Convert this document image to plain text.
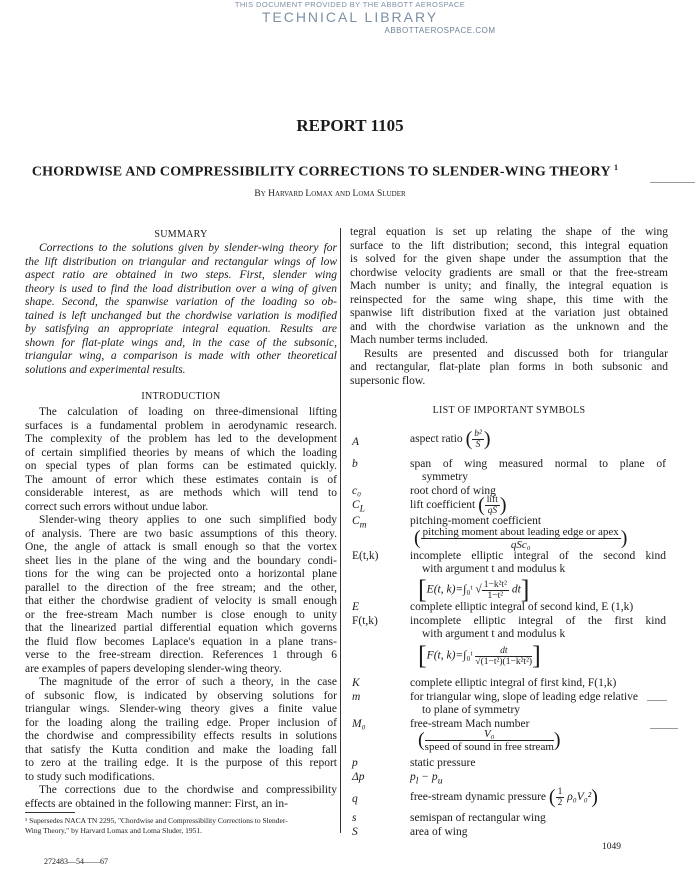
THIS DOCUMENT PROVIDED BY THE ABBOTT AEROSPACE
TECHNICAL LIBRARY
ABBOTTAEROSPACE.COM
REPORT 1105
CHORDWISE AND COMPRESSIBILITY CORRECTIONS TO SLENDER-WING THEORY $^1$
By Harvard Lomax and Loma Sluder
SUMMARY
Corrections to the solutions given by slender-wing theory for
the lift distribution on triangular and rectangular wings of low
aspect ratio are obtained in two steps. First, slender wing
theory is used to find the load distribution over a wing of given
shape. Second, the spanwise variation of the loading so ob-
tained is left unchanged but the chordwise variation is modified
by satisfying an appropriate integral equation. Results are
shown for flat-plate wings and, in the case of the subsonic,
triangular wing, a comparison is made with other theoretical
solutions and experimental results.
INTRODUCTION
The calculation of loading on three-dimensional lifting
surfaces is a fundamental problem in aerodynamic research.
The complexity of the problem has led to the development
of certain simplified theories by means of which the loading
on special types of plan forms can be estimated quickly.
The amount of error which these estimates contain is of
considerable interest, as are methods which will tend to
correct such errors without undue labor.
Slender-wing theory applies to one such simplified body
of analysis. There are two basic assumptions of this theory.
One, the angle of attack is small enough so that the vortex
sheet lies in the plane of the wing and the boundary condi-
tions for the wing can be projected onto a horizontal plane
parallel to the direction of the free stream; and the other,
that either the chordwise gradient of velocity is small enough
or the free-stream Mach number is close enough to unity
that the linearized partial differential equation which governs
the fluid flow becomes Laplace's equation in a plane trans-
verse to the free-stream direction. References 1 through 6
are examples of papers developing slender-wing theory.
The magnitude of the error of such a theory, in the case
of subsonic flow, is indicated by observing solutions for
triangular wings. Slender-wing theory gives a finite value
for the loading along the trailing edge. Proper inclusion of
the chordwise and compressibility effects results in solutions
that satisfy the Kutta condition and make the loading fall
to zero at the trailing edge. It is the purpose of this report
to study such modifications.
The corrections due to the chordwise and compressibility
effects are obtained in the following manner: First, an in-
¹ Supersedes NACA TN 2295, "Chordwise and Compressibility Corrections to Slender-
Wing Theory," by Harvard Lomax and Loma Sluder, 1951.
272483—54——67
tegral equation is set up relating the shape of the wing
surface to the lift distribution; second, this integral equation
is solved for the given shape under the assumption that the
chordwise velocity gradients are small or that the free-stream
Mach number is unity; and finally, the integral equation is
reinspected for the same wing shape, this time with the
spanwise lift distribution fixed at the variation just obtained
and with the chordwise variation as the unknown and the
Mach number terms included.
Results are presented and discussed both for triangular
and rectangular, flat-plate plan forms in both subsonic and
supersonic flow.
LIST OF IMPORTANT SYMBOLS
A	aspect ratio ( $\frac{\text{b²}}{S}$ )
b	span of wing measured normal to plane of
symmetry
c₀	root chord of wing
$C_L$	lift coefficient ( $\frac{\text{lift}}{qS}$ )
$C_m$	pitching-moment coefficient
( $\frac{\text{pitching moment about leading edge or apex}}{\text{qSc₀}}$ )
E(t,k)	incomplete elliptic integral of the second kind
with argument t and modulus k
[E(t, k)=∫₀ᵗ √ $\frac{\text{1−k²t²}}{\text{1−t²}} dt$]
E	complete elliptic integral of second kind, E (1,k)
F(t,k)	incomplete elliptic integral of the first kind
with argument t and modulus k
[F(t, k)=∫₀ᵗ $\frac{dt}{\text{√(1−t²)(1−k²t²)}}$ ]
K	complete elliptic integral of first kind, F(1,k)
m	for triangular wing, slope of leading edge relative
to plane of symmetry
M₀	free-stream Mach number
( $\frac{\text{V₀}}{\text{speed of sound in free stream}}$ )
p	static pressure
Δp	$p_l - p_u$
q	free-stream dynamic pressure ( $\frac{1}{2} \rho_0V_0^2$)
s	semispan of rectangular wing
S	area of wing
1049
